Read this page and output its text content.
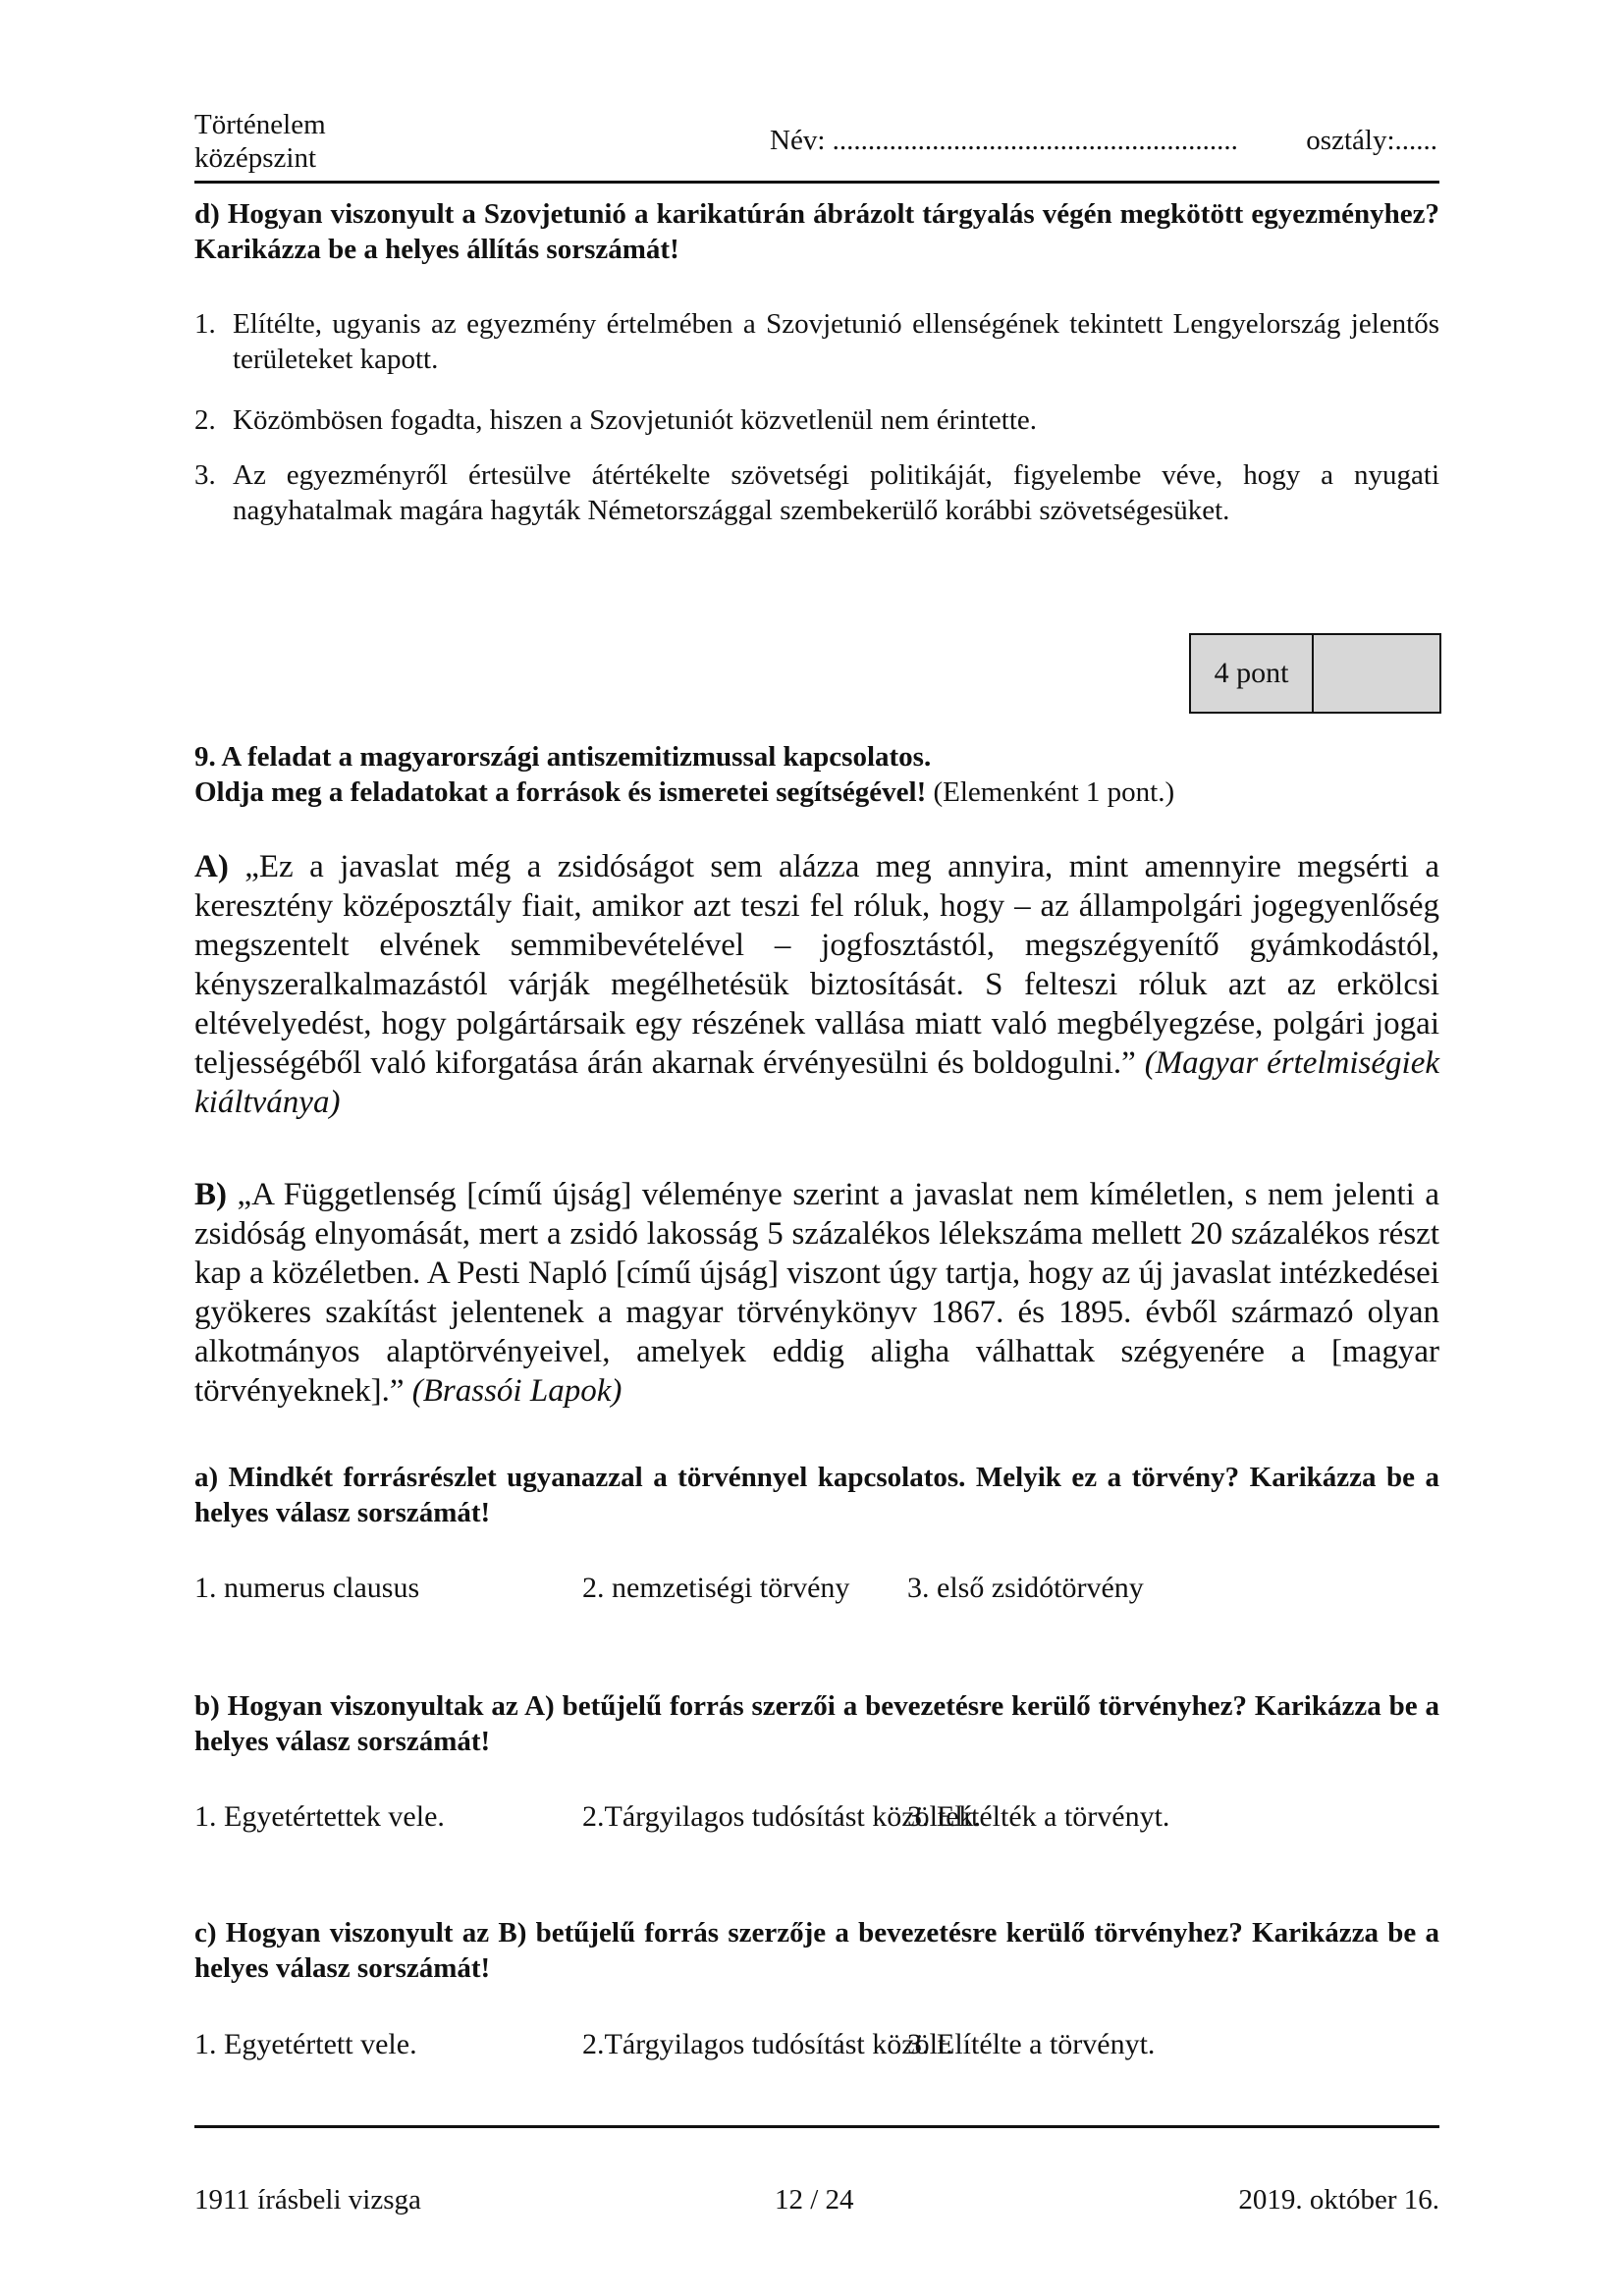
Történelem
középszint
Név: ......................................................... osztály:......
d) Hogyan viszonyult a Szovjetunió a karikatúrán ábrázolt tárgyalás végén megkötött egyezményhez? Karikázza be a helyes állítás sorszámát!
1. Elítélte, ugyanis az egyezmény értelmében a Szovjetunió ellenségének tekintett Lengyelország jelentős területeket kapott.
2. Közömbösen fogadta, hiszen a Szovjetuniót közvetlenül nem érintette.
3. Az egyezményről értesülve átértékelte szövetségi politikáját, figyelembe véve, hogy a nyugati nagyhatalmak magára hagyták Németországgal szembekerülő korábbi szövetségesüket.
4 pont
9. A feladat a magyarországi antiszemitizmussal kapcsolatos.
Oldja meg a feladatokat a források és ismeretei segítségével! (Elemenként 1 pont.)
A) „Ez a javaslat még a zsidóságot sem alázza meg annyira, mint amennyire megsérti a keresztény középosztály fiait, amikor azt teszi fel róluk, hogy – az állampolgári jogegyenlőség megszentelt elvének semmibevételével – jogfosztástól, megszégyenítő gyámkodástól, kényszeralkalmazástól várják megélhetésük biztosítását. S felteszi róluk azt az erkölcsi eltévelyedést, hogy polgártársaik egy részének vallása miatt való megbélyegzése, polgári jogai teljességéből való kiforgatása árán akarnak érvényesülni és boldogulni.” (Magyar értelmiségiek kiáltványa)
B) „A Függetlenség [című újság] véleménye szerint a javaslat nem kíméletlen, s nem jelenti a zsidóság elnyomását, mert a zsidó lakosság 5 százalékos lélekszáma mellett 20 százalékos részt kap a közéletben. A Pesti Napló [című újság] viszont úgy tartja, hogy az új javaslat intézkedései gyökeres szakítást jelentenek a magyar törvénykönyv 1867. és 1895. évből származó olyan alkotmányos alaptörvényeivel, amelyek eddig aligha válhattak szégyenére a [magyar törvényeknek].” (Brassói Lapok)
a) Mindkét forrásrészlet ugyanazzal a törvénnyel kapcsolatos. Melyik ez a törvény? Karikázza be a helyes válasz sorszámát!
1. numerus clausus	2. nemzetiségi törvény 3. első zsidótörvény
b) Hogyan viszonyultak az A) betűjelű forrás szerzői a bevezetésre kerülő törvényhez? Karikázza be a helyes válasz sorszámát!
1. Egyetértettek vele.	2.Tárgyilagos tudósítást közöltek.
3. Elítélték a törvényt.
c) Hogyan viszonyult az B) betűjelű forrás szerzője a bevezetésre kerülő törvényhez? Karikázza be a helyes válasz sorszámát!
1. Egyetértett vele.	2.Tárgyilagos tudósítást közölt.
3. Elítélte a törvényt.
1911 írásbeli vizsga	12 / 24	2019. október 16.
